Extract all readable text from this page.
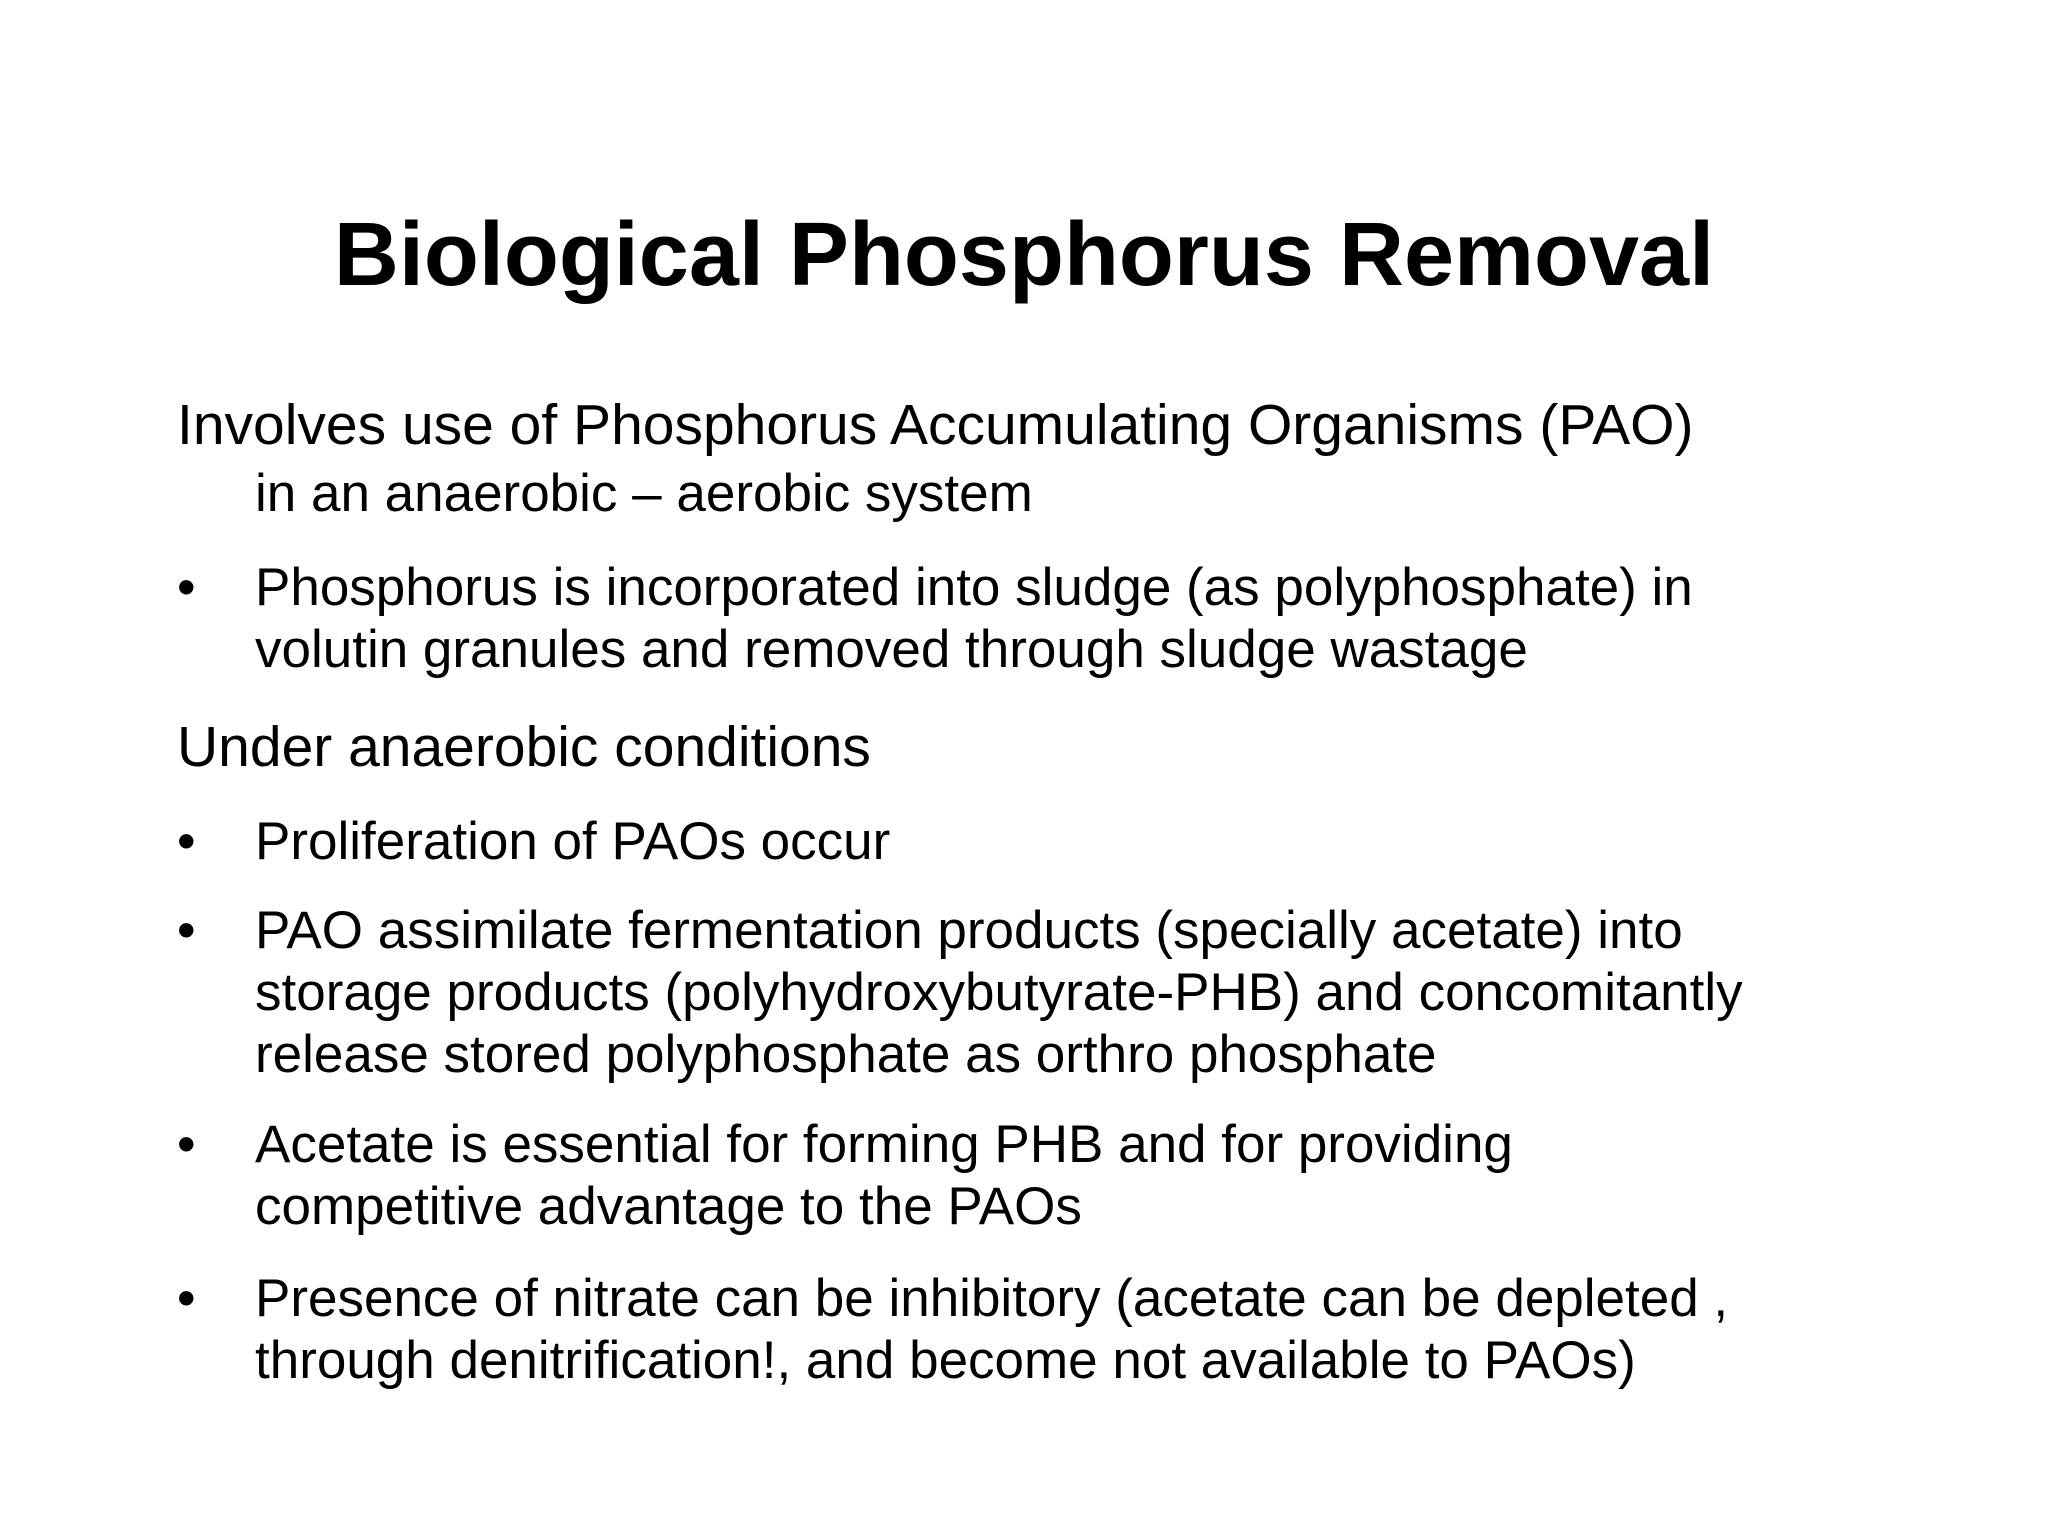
Biological Phosphorus Removal
Involves use of Phosphorus Accumulating Organisms (PAO)
in an anaerobic – aerobic system
• Phosphorus is incorporated into sludge (as polyphosphate) in
volutin granules and removed through sludge wastage
Under anaerobic conditions
• Proliferation of PAOs occur
• PAO assimilate fermentation products (specially acetate) into
storage products (polyhydroxybutyrate-PHB) and concomitantly
release stored polyphosphate as orthro phosphate
• Acetate is essential for forming PHB and for providing
competitive advantage to the PAOs
• Presence of nitrate can be inhibitory (acetate can be depleted ,
through denitrification!, and become not available to PAOs)
